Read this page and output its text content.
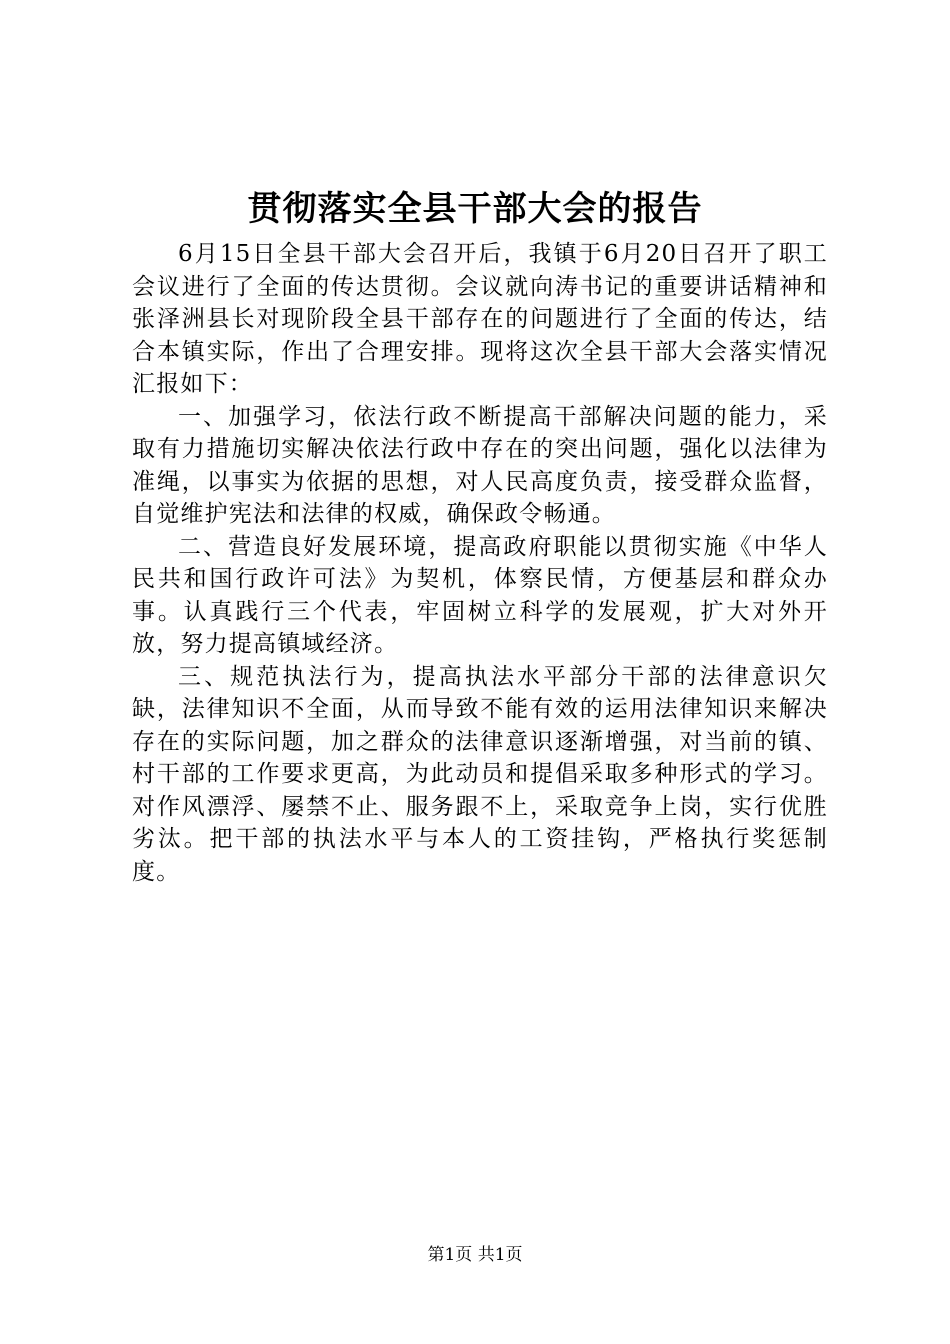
贯彻落实全县干部大会的报告

6月15日全县干部大会召开后，我镇于6月20日召开了职工会议进行了全面的传达贯彻。会议就向涛书记的重要讲话精神和张泽洲县长对现阶段全县干部存在的问题进行了全面的传达，结合本镇实际，作出了合理安排。现将这次全县干部大会落实情况汇报如下：

一、加强学习，依法行政不断提高干部解决问题的能力，采取有力措施切实解决依法行政中存在的突出问题，强化以法律为准绳，以事实为依据的思想，对人民高度负责，接受群众监督，自觉维护宪法和法律的权威，确保政令畅通。

二、营造良好发展环境，提高政府职能以贯彻实施《中华人民共和国行政许可法》为契机，体察民情，方便基层和群众办事。认真践行三个代表，牢固树立科学的发展观，扩大对外开放，努力提高镇域经济。

三、规范执法行为，提高执法水平部分干部的法律意识欠缺，法律知识不全面，从而导致不能有效的运用法律知识来解决存在的实际问题，加之群众的法律意识逐渐增强，对当前的镇、村干部的工作要求更高，为此动员和提倡采取多种形式的学习。对作风漂浮、屡禁不止、服务跟不上，采取竞争上岗，实行优胜劣汰。把干部的执法水平与本人的工资挂钩，严格执行奖惩制度。

第1页 共1页
